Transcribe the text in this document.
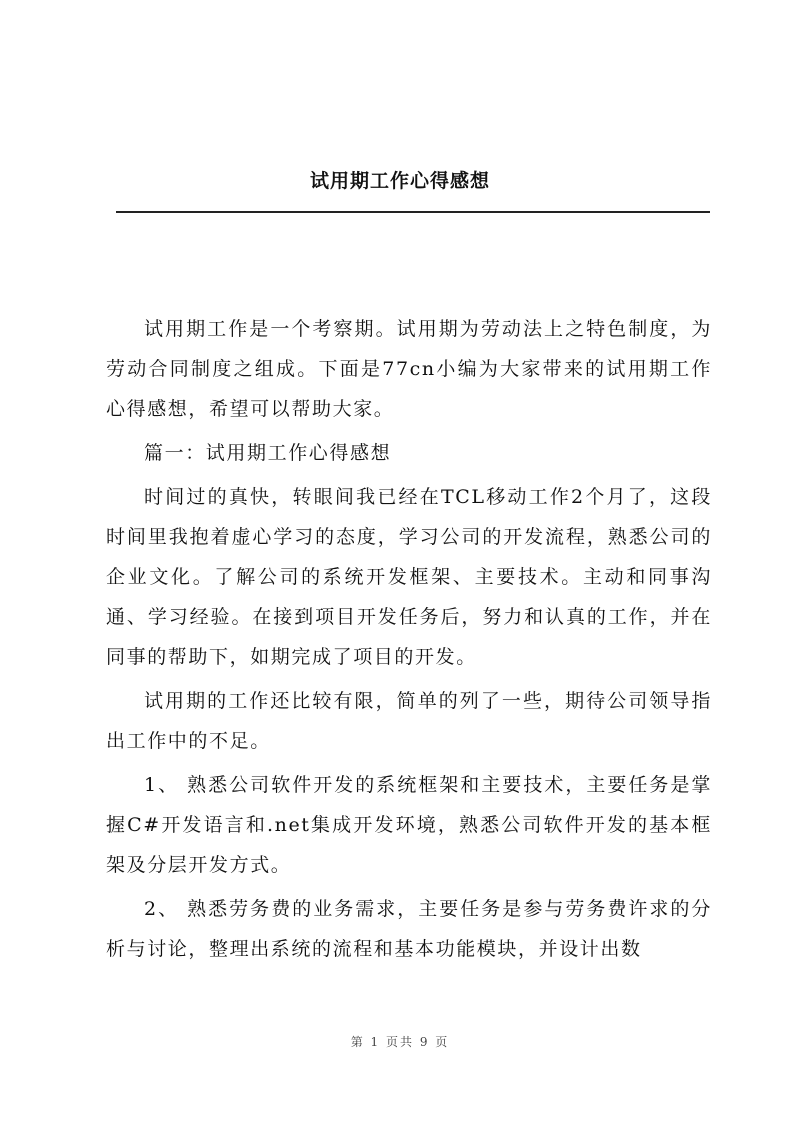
试用期工作心得感想

试用期工作是一个考察期。试用期为劳动法上之特色制度，为劳动合同制度之组成。下面是77cn小编为大家带来的试用期工作心得感想，希望可以帮助大家。

篇一：试用期工作心得感想

时间过的真快，转眼间我已经在TCL移动工作2个月了，这段时间里我抱着虚心学习的态度，学习公司的开发流程，熟悉公司的企业文化。了解公司的系统开发框架、主要技术。主动和同事沟通、学习经验。在接到项目开发任务后，努力和认真的工作，并在同事的帮助下，如期完成了项目的开发。

试用期的工作还比较有限，简单的列了一些，期待公司领导指出工作中的不足。

1、 熟悉公司软件开发的系统框架和主要技术，主要任务是掌握C#开发语言和.net集成开发环境，熟悉公司软件开发的基本框架及分层开发方式。

2、 熟悉劳务费的业务需求，主要任务是参与劳务费许求的分析与讨论，整理出系统的流程和基本功能模块，并设计出数

第 1 页共 9 页
